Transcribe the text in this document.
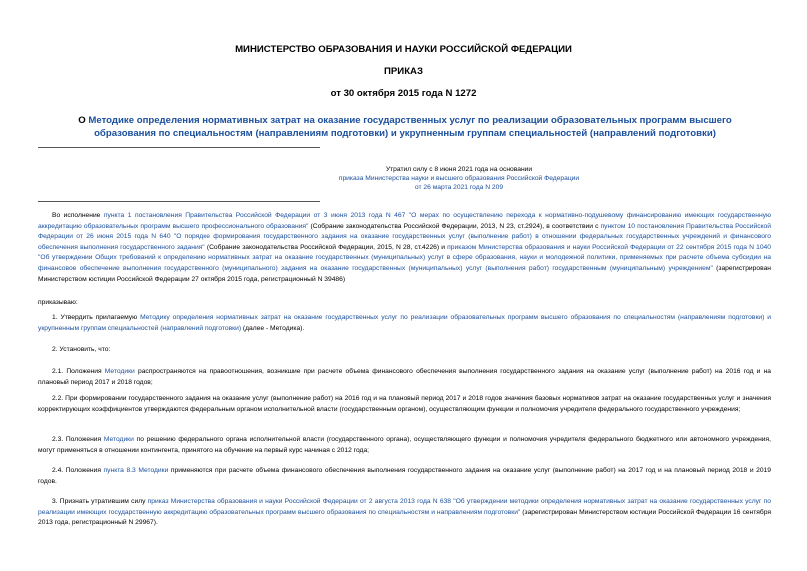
МИНИСТЕРСТВО ОБРАЗОВАНИЯ И НАУКИ РОССИЙСКОЙ ФЕДЕРАЦИИ
ПРИКАЗ
от 30 октября 2015 года N 1272
О Методике определения нормативных затрат на оказание государственных услуг по реализации образовательных программ высшего образования по специальностям (направлениям подготовки) и укрупненным группам специальностей (направлений подготовки)
Утратил силу с 8 июня 2021 года на основании
приказа Министерства науки и высшего образования Российской Федерации
от 26 марта 2021 года N 209
Во исполнение пункта 1 постановления Правительства Российской Федерации от 3 июня 2013 года N 467 "О мерах по осуществлению перехода к нормативно-подушевому финансированию имеющих государственную аккредитацию образовательных программ высшего профессионального образования" (Собрание законодательства Российской Федерации, 2013, N 23, ст.2924), в соответствии с пунктом 10 постановления Правительства Российской Федерации от 26 июня 2015 года N 640 "О порядке формирования государственного задания на оказание государственных услуг (выполнение работ) в отношении федеральных государственных учреждений и финансового обеспечения выполнения государственного задания" (Собрание законодательства Российской Федерации, 2015, N 28, ст.4226) и приказом Министерства образования и науки Российской Федерации от 22 сентября 2015 года N 1040 "Об утверждении Общих требований к определению нормативных затрат на оказание государственных (муниципальных) услуг в сфере образования, науки и молодежной политики, применяемых при расчете объема субсидии на финансовое обеспечение выполнения государственного (муниципального) задания на оказание государственных (муниципальных) услуг (выполнения работ) государственным (муниципальным) учреждением" (зарегистрирован Министерством юстиции Российской Федерации 27 октября 2015 года, регистрационный N 39486)
приказываю:
1. Утвердить прилагаемую Методику определения нормативных затрат на оказание государственных услуг по реализации образовательных программ высшего образования по специальностям (направлениям подготовки) и укрупненным группам специальностей (направлений подготовки) (далее - Методика).
2. Установить, что:
2.1. Положения Методики распространяются на правоотношения, возникшие при расчете объема финансового обеспечения выполнения государственного задания на оказание услуг (выполнение работ) на 2016 год и на плановый период 2017 и 2018 годов;
2.2. При формировании государственного задания на оказание услуг (выполнение работ) на 2016 год и на плановый период 2017 и 2018 годов значения базовых нормативов затрат на оказание государственных услуг и значения корректирующих коэффициентов утверждаются федеральным органом исполнительной власти (государственным органом), осуществляющим функции и полномочия учредителя федерального государственного учреждения;
2.3. Положения Методики по решению федерального органа исполнительной власти (государственного органа), осуществляющего функции и полномочия учредителя федерального бюджетного или автономного учреждения, могут применяться в отношении контингента, принятого на обучение на первый курс начиная с 2012 года;
2.4. Положения пункта 8.3 Методики применяются при расчете объема финансового обеспечения выполнения государственного задания на оказание услуг (выполнение работ) на 2017 год и на плановый период 2018 и 2019 годов.
3. Признать утратившим силу приказ Министерства образования и науки Российской Федерации от 2 августа 2013 года N 638 "Об утверждении методики определения нормативных затрат на оказание государственных услуг по реализации имеющих государственную аккредитацию образовательных программ высшего образования по специальностям и направлениям подготовки" (зарегистрирован Министерством юстиции Российской Федерации 16 сентября 2013 года, регистрационный N 29967).
